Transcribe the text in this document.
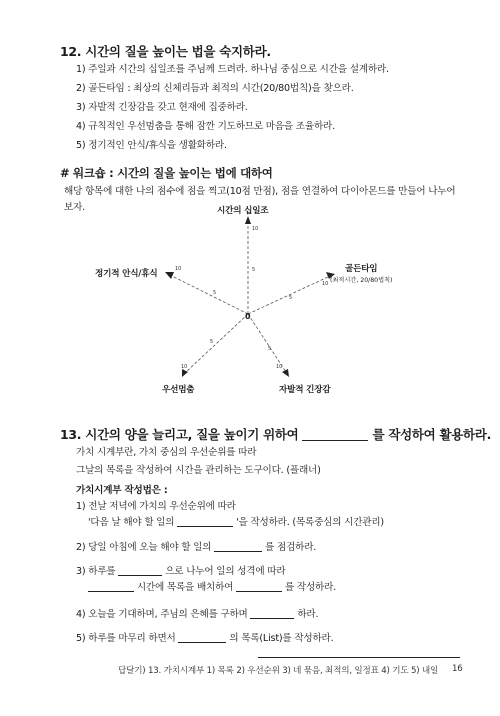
12. 시간의 질을 높이는 법을 숙지하라.
1) 주일과 시간의 십일조를 주님께 드려라. 하나님 중심으로 시간을 설계하라.
2) 골든타임 : 최상의 신체리듬과 최적의 시간(20/80법칙)을 찾으라.
3) 자발적 긴장감을 갖고 현재에 집중하라.
4) 규칙적인 우선멈춤을 통해 잠깐 기도하므로 마음을 조율하라.
5) 정기적인 안식/휴식을 생활화하라.
# 워크숍 : 시간의 질을 높이는 법에 대하여
해당 항목에 대한 나의 점수에 점을 찍고(10점 만점), 점을 연결하여 다이아몬드를 만들어 나누어
보자.
10
5
10
5
10
5
10
5
10
5
0
시간의 십일조
골든타임
(최적시간, 20/80법칙)
자발적 긴장감
우선멈춤
정기적 안식/휴식
13. 시간의 양을 늘리고, 질을 높이기 위하여	를 작성하여 활용하라.
가치 시계부란, 가치 중심의 우선순위를 따라
그날의 목록을 작성하여 시간을 관리하는 도구이다. (플래너)
가치시계부 작성법은 :
1) 전날 저녁에 가치의 우선순위에 따라
'다음 날 해야 할 일의	'을 작성하라. (목록중심의 시간관리)
2) 당일 아침에 오늘 해야 할 일의	를 점검하라.
3) 하루를	으로 나누어 일의 성격에 따라
시간에 목록을 배치하여	를 작성하라.
4) 오늘을 기대하며, 주님의 은혜를 구하며	하라.
5) 하루를 마무리 하면서	의 목록(List)를 작성하라.
답달기) 13. 가치시계부 1) 목록 2) 우선순위 3) 네 묶음, 최적의, 일정표 4) 기도 5) 내일 16
